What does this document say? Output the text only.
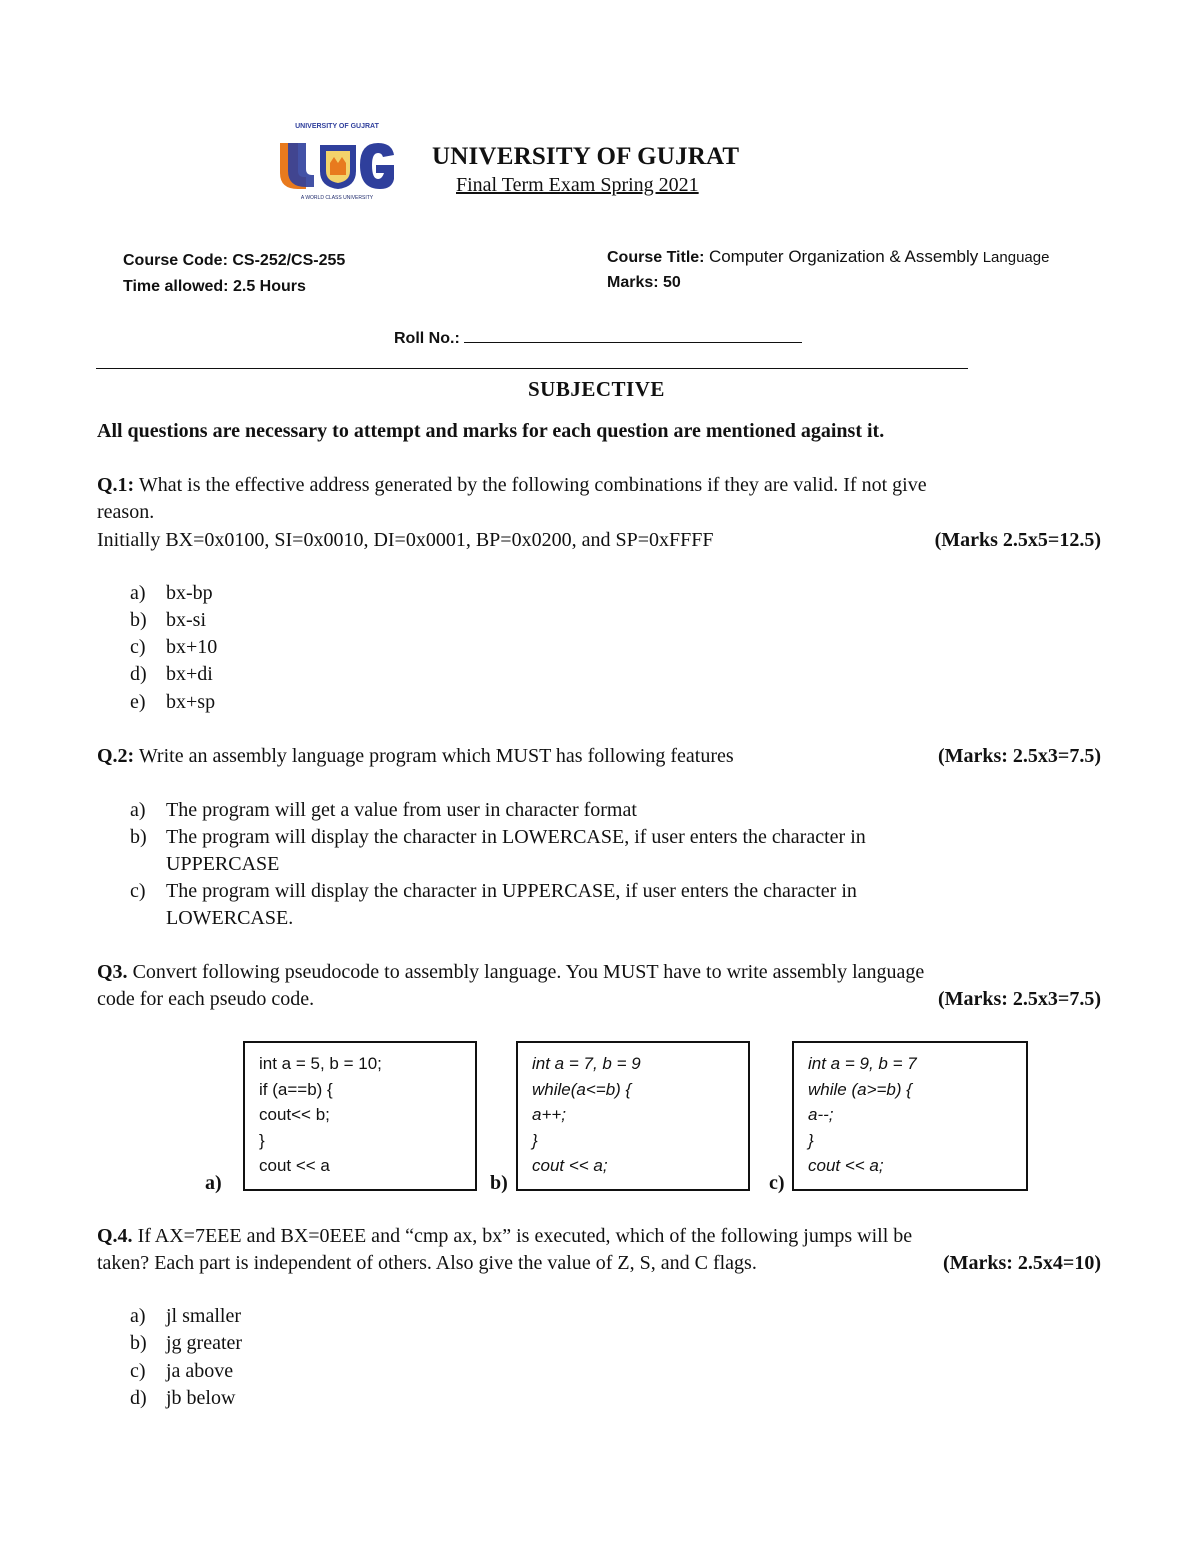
UNIVERSITY OF GUJRAT
A WORLD CLASS UNIVERSITY
UNIVERSITY OF GUJRAT
Final Term Exam Spring 2021
Course Code: CS-252/CS-255
Time allowed: 2.5 Hours
Course Title: Computer Organization & Assembly Language
Marks: 50
Roll No.:
SUBJECTIVE
All questions are necessary to attempt and marks for each question are mentioned against it.
Q.1: What is the effective address generated by the following combinations if they are valid. If not give
reason.
Initially BX=0x0100, SI=0x0010, DI=0x0001, BP=0x0200, and SP=0xFFFF	(Marks 2.5x5=12.5)
a) bx-bp
b) bx-si
c) bx+10
d) bx+di
e) bx+sp
Q.2: Write an assembly language program which MUST has following features	(Marks: 2.5x3=7.5)
a) The program will get a value from user in character format
b) The program will display the character in LOWERCASE, if user enters the character in
UPPERCASE
c) The program will display the character in UPPERCASE, if user enters the character in
LOWERCASE.
Q3. Convert following pseudocode to assembly language. You MUST have to write assembly language
code for each pseudo code.	(Marks: 2.5x3=7.5)
a)
int a = 5, b = 10;
if (a==b) {
cout<< b;
}
cout << a
b)
int a = 7, b = 9
while(a<=b) {
a++;
}
cout << a;
c)
int a = 9, b = 7
while (a>=b) {
a--;
}
cout << a;
Q.4. If AX=7EEE and BX=0EEE and “cmp ax, bx” is executed, which of the following jumps will be
taken? Each part is independent of others. Also give the value of Z, S, and C flags.	(Marks: 2.5x4=10)
a) jl smaller
b) jg greater
c) ja above
d) jb below
